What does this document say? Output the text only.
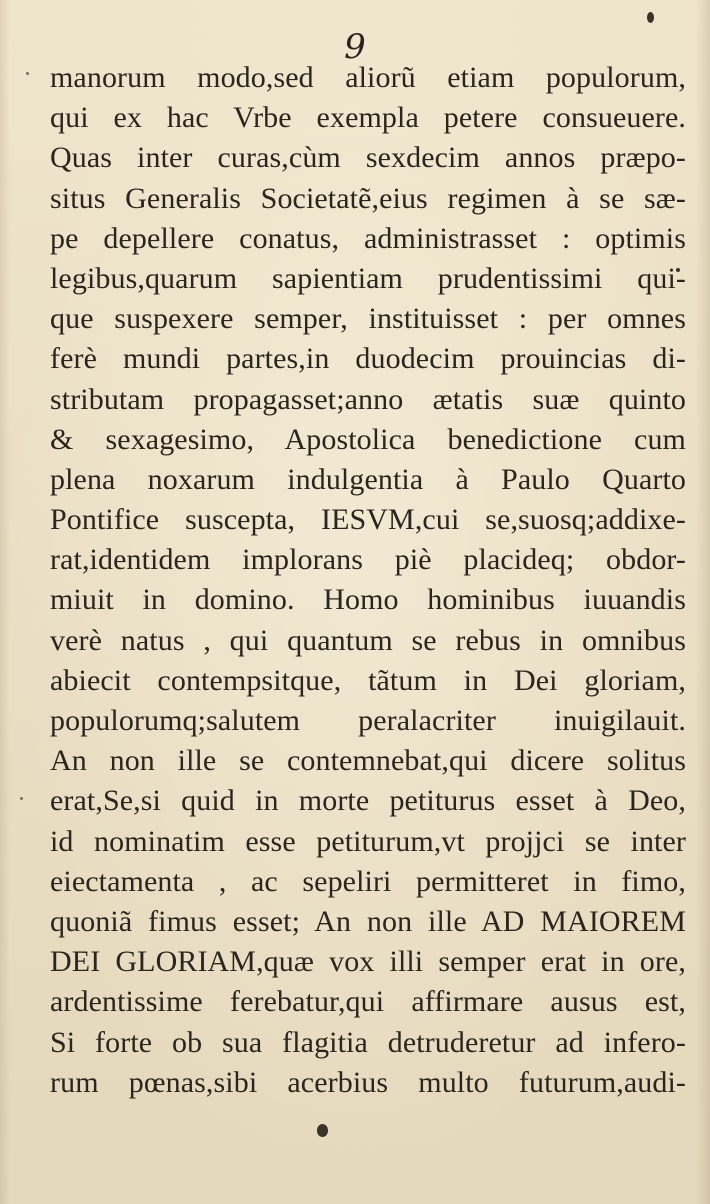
9
manorum modo,sed aliorũ etiam populorum,
qui ex hac Vrbe exempla petere consueuere.
Quas inter curas,cùm sexdecim annos præpo-
situs Generalis Societatẽ,eius regimen à se sæ-
pe depellere conatus, administrasset : optimis
legibus,quarum sapientiam prudentissimi qui-
que suspexere semper, instituisset : per omnes
ferè mundi partes,in duodecim prouincias di-
stributam propagasset;anno ætatis suæ quinto
& sexagesimo, Apostolica benedictione cum
plena noxarum indulgentia à Paulo Quarto
Pontifice suscepta, IESVM,cui se,suosq;addixe-
rat,identidem implorans piè placideq; obdor-
miuit in domino. Homo hominibus iuuandis
verè natus , qui quantum se rebus in omnibus
abiecit contempsitque, tãtum in Dei gloriam,
populorumq;salutem peralacriter inuigilauit.
An non ille se contemnebat,qui dicere solitus
erat,Se,si quid in morte petiturus esset à Deo,
id nominatim esse petiturum,vt projjci se inter
eiectamenta , ac sepeliri permitteret in fimo,
quoniã fimus esset; An non ille AD MAIOREM
DEI GLORIAM,quæ vox illi semper erat in ore,
ardentissime ferebatur,qui affirmare ausus est,
Si forte ob sua flagitia detruderetur ad infero-
rum pœnas,sibi acerbius multo futurum,audi-
